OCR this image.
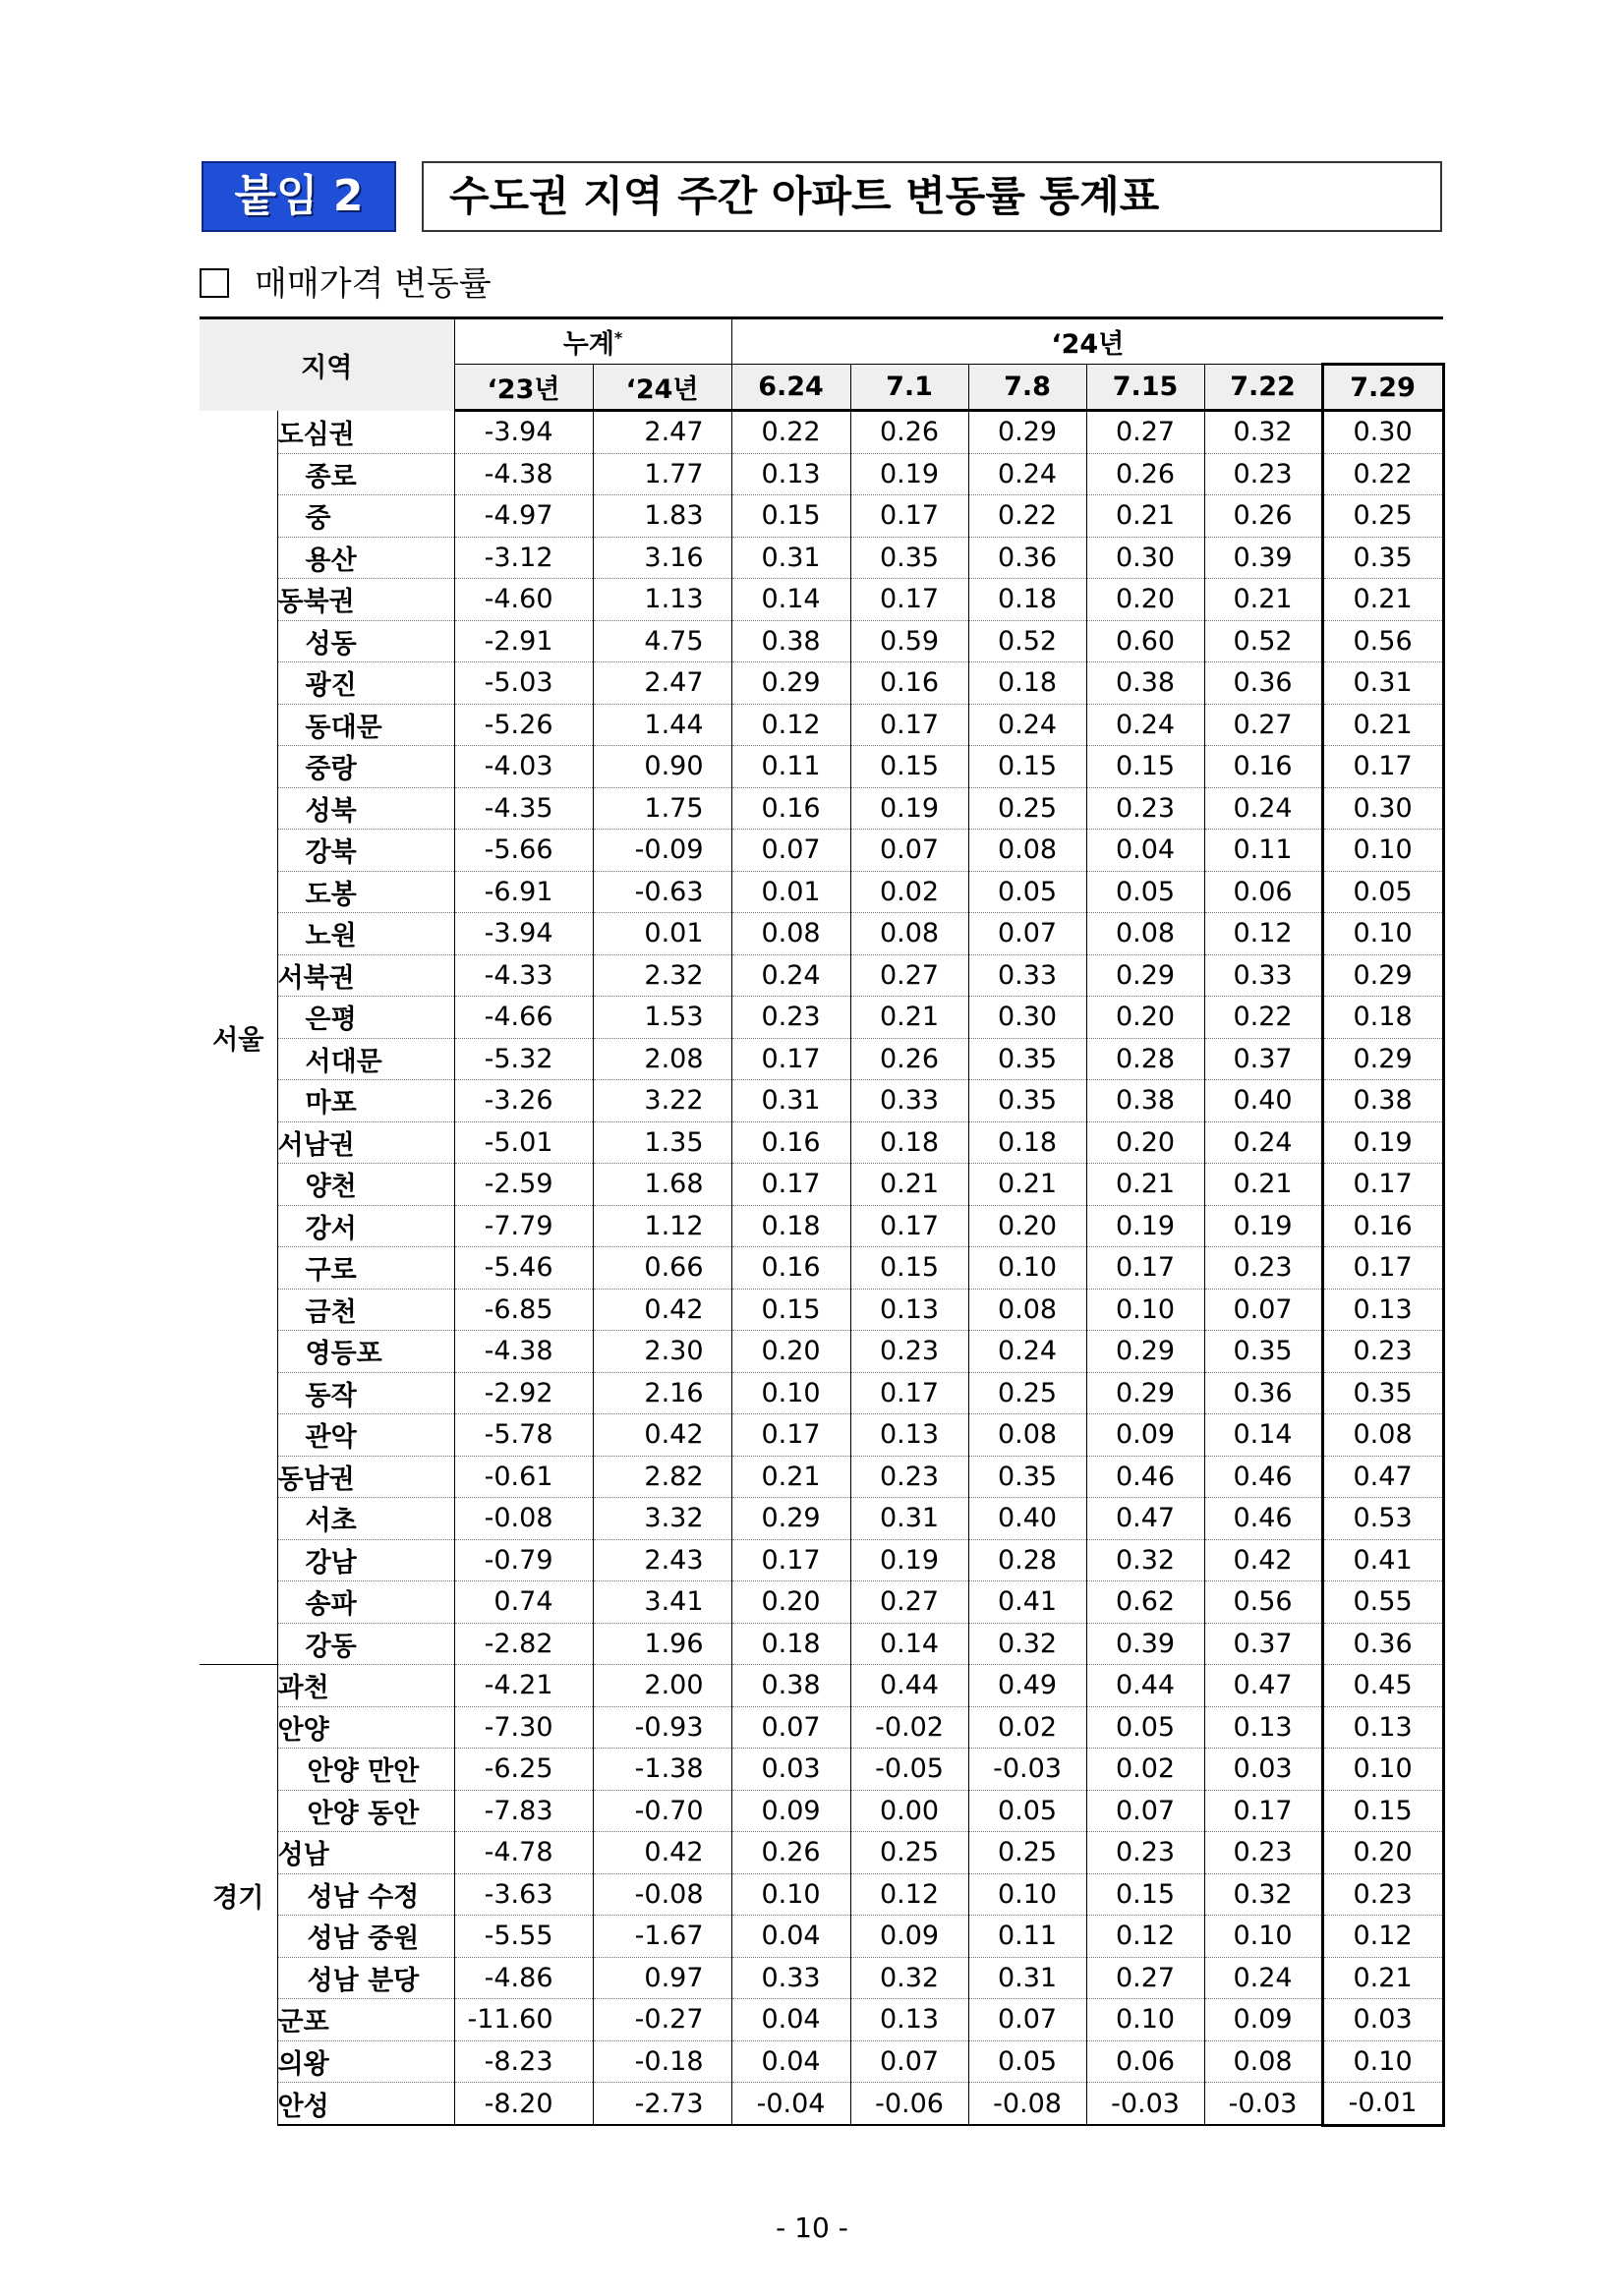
붙임 2	수도권 지역 주간 아파트 변동률 통계표
매매가격 변동률
지역		누계*		‘24년					
		‘23년	‘24년	6.24	7.1	7.8	7.15	7.22	7.29
서울	도심권	-3.94	2.47	0.22	0.26	0.29	0.27	0.32	0.30
	종로	-4.38	1.77	0.13	0.19	0.24	0.26	0.23	0.22
	중	-4.97	1.83	0.15	0.17	0.22	0.21	0.26	0.25
	용산	-3.12	3.16	0.31	0.35	0.36	0.30	0.39	0.35
	동북권	-4.60	1.13	0.14	0.17	0.18	0.20	0.21	0.21
	성동	-2.91	4.75	0.38	0.59	0.52	0.60	0.52	0.56
	광진	-5.03	2.47	0.29	0.16	0.18	0.38	0.36	0.31
	동대문	-5.26	1.44	0.12	0.17	0.24	0.24	0.27	0.21
	중랑	-4.03	0.90	0.11	0.15	0.15	0.15	0.16	0.17
	성북	-4.35	1.75	0.16	0.19	0.25	0.23	0.24	0.30
	강북	-5.66	-0.09	0.07	0.07	0.08	0.04	0.11	0.10
	도봉	-6.91	-0.63	0.01	0.02	0.05	0.05	0.06	0.05
	노원	-3.94	0.01	0.08	0.08	0.07	0.08	0.12	0.10
	서북권	-4.33	2.32	0.24	0.27	0.33	0.29	0.33	0.29
	은평	-4.66	1.53	0.23	0.21	0.30	0.20	0.22	0.18
	서대문	-5.32	2.08	0.17	0.26	0.35	0.28	0.37	0.29
	마포	-3.26	3.22	0.31	0.33	0.35	0.38	0.40	0.38
	서남권	-5.01	1.35	0.16	0.18	0.18	0.20	0.24	0.19
	양천	-2.59	1.68	0.17	0.21	0.21	0.21	0.21	0.17
	강서	-7.79	1.12	0.18	0.17	0.20	0.19	0.19	0.16
	구로	-5.46	0.66	0.16	0.15	0.10	0.17	0.23	0.17
	금천	-6.85	0.42	0.15	0.13	0.08	0.10	0.07	0.13
	영등포	-4.38	2.30	0.20	0.23	0.24	0.29	0.35	0.23
	동작	-2.92	2.16	0.10	0.17	0.25	0.29	0.36	0.35
	관악	-5.78	0.42	0.17	0.13	0.08	0.09	0.14	0.08
	동남권	-0.61	2.82	0.21	0.23	0.35	0.46	0.46	0.47
	서초	-0.08	3.32	0.29	0.31	0.40	0.47	0.46	0.53
	강남	-0.79	2.43	0.17	0.19	0.28	0.32	0.42	0.41
	송파	0.74	3.41	0.20	0.27	0.41	0.62	0.56	0.55
	강동	-2.82	1.96	0.18	0.14	0.32	0.39	0.37	0.36
경기	과천	-4.21	2.00	0.38	0.44	0.49	0.44	0.47	0.45
	안양	-7.30	-0.93	0.07	-0.02	0.02	0.05	0.13	0.13
	안양 만안	-6.25	-1.38	0.03	-0.05	-0.03	0.02	0.03	0.10
	안양 동안	-7.83	-0.70	0.09	0.00	0.05	0.07	0.17	0.15
	성남	-4.78	0.42	0.26	0.25	0.25	0.23	0.23	0.20
	성남 수정	-3.63	-0.08	0.10	0.12	0.10	0.15	0.32	0.23
	성남 중원	-5.55	-1.67	0.04	0.09	0.11	0.12	0.10	0.12
	성남 분당	-4.86	0.97	0.33	0.32	0.31	0.27	0.24	0.21
	군포	-11.60	-0.27	0.04	0.13	0.07	0.10	0.09	0.03
	의왕	-8.23	-0.18	0.04	0.07	0.05	0.06	0.08	0.10
	안성	-8.20	-2.73	-0.04	-0.06	-0.08	-0.03	-0.03	-0.01
- 10 -
